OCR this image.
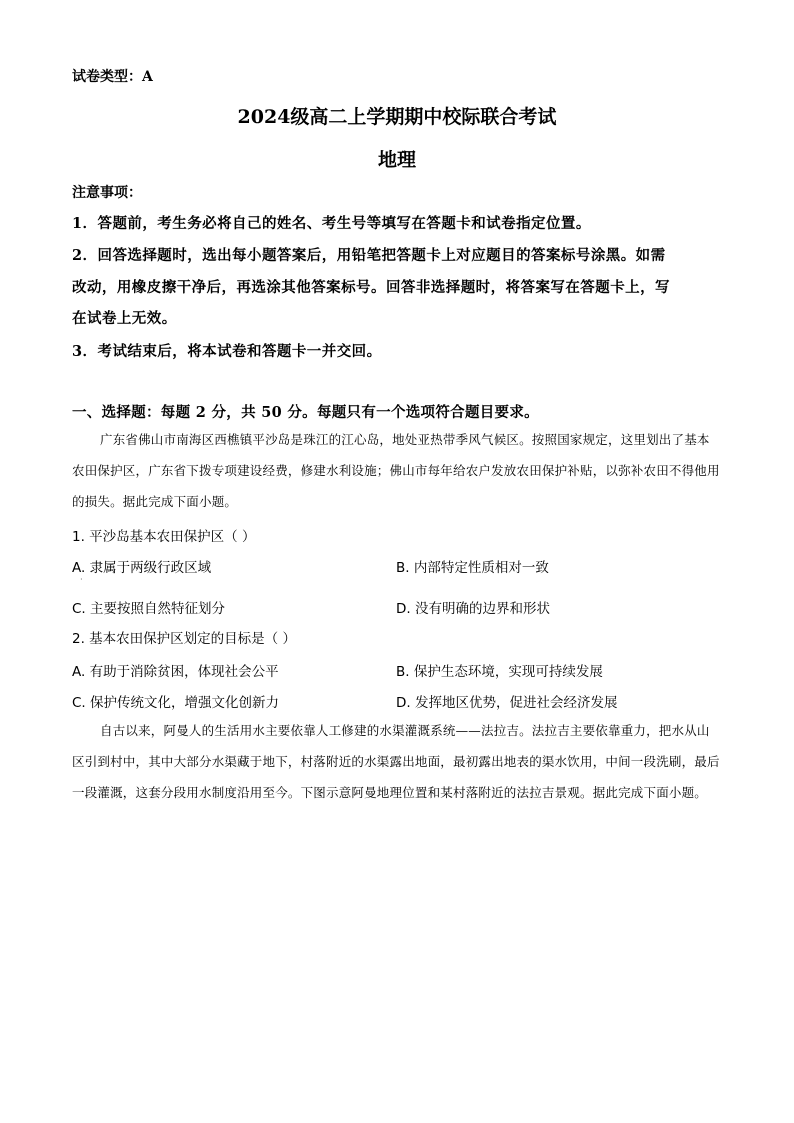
试卷类型：A
2024级高二上学期期中校际联合考试
地理
注意事项：
1．答题前，考生务必将自己的姓名、考生号等填写在答题卡和试卷指定位置。
2．回答选择题时，选出每小题答案后，用铅笔把答题卡上对应题目的答案标号涂黑。如需
改动，用橡皮擦干净后，再选涂其他答案标号。回答非选择题时，将答案写在答题卡上，写
在试卷上无效。
3．考试结束后，将本试卷和答题卡一并交回。
一、选择题：每题 2 分，共 50 分。每题只有一个选项符合题目要求。
广东省佛山市南海区西樵镇平沙岛是珠江的江心岛，地处亚热带季风气候区。按照国家规定，这里划出了基本农田保护区，广东省下拨专项建设经费，修建水利设施；佛山市每年给农户发放农田保护补贴，以弥补农田不得他用的损失。据此完成下面小题。
1. 平沙岛基本农田保护区（ ）
A. 隶属于两级行政区域	B. 内部特定性质相对一致
·
C. 主要按照自然特征划分	D. 没有明确的边界和形状
2. 基本农田保护区划定的目标是（ ）
A. 有助于消除贫困，体现社会公平	B. 保护生态环境，实现可持续发展
C. 保护传统文化，增强文化创新力	D. 发挥地区优势，促进社会经济发展
自古以来，阿曼人的生活用水主要依靠人工修建的水渠灌溉系统——法拉吉。法拉吉主要依靠重力，把水从山区引到村中，其中大部分水渠藏于地下，村落附近的水渠露出地面，最初露出地表的渠水饮用，中间一段洗刷，最后一段灌溉，这套分段用水制度沿用至今。下图示意阿曼地理位置和某村落附近的法拉吉景观。据此完成下面小题。
